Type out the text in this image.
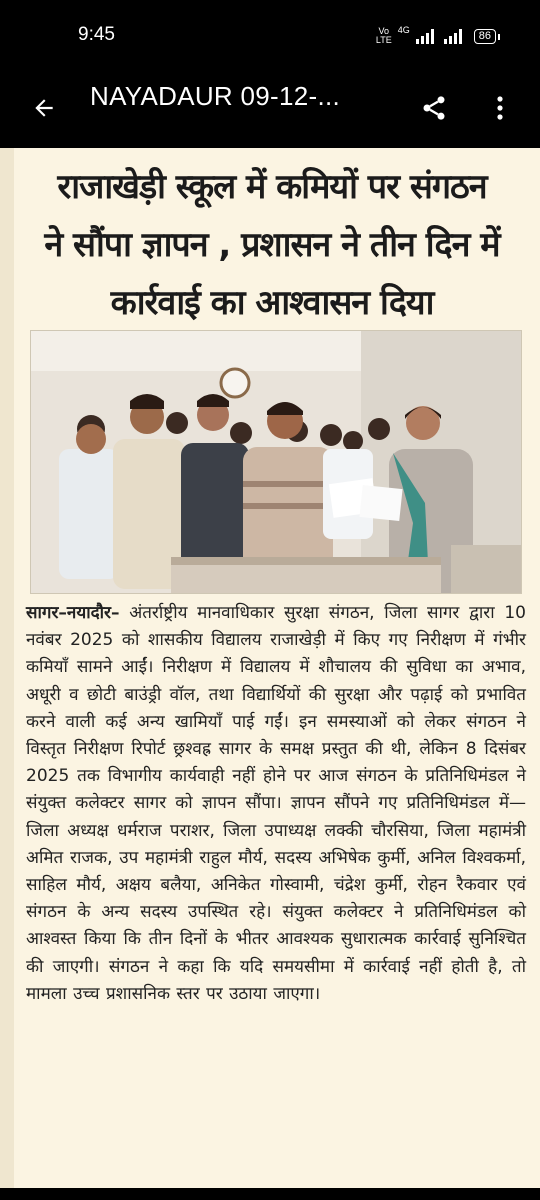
9:45	Vo
LTE
4G	86
NAYADAUR 09-12-...
राजाखेड़ी स्कूल में कमियों पर संगठन
ने सौंपा ज्ञापन , प्रशासन ने तीन दिन में
कार्रवाई का आश्वासन दिया
सागर–नयादौर– अंतर्राष्ट्रीय मानवाधिकार सुरक्षा संगठन, जिला सागर द्वारा 10 नवंबर 2025 को शासकीय विद्यालय राजाखेड़ी में किए गए निरीक्षण में गंभीर कमियाँ सामने आईं। निरीक्षण में विद्यालय में शौचालय की सुविधा का अभाव, अधूरी व छोटी बाउंड्री वॉल, तथा विद्यार्थियों की सुरक्षा और पढ़ाई को प्रभावित करने वाली कई अन्य खामियाँ पाई गईं। इन समस्याओं को लेकर संगठन ने विस्तृत निरीक्षण रिपोर्ट छ्रश्वह्र सागर के समक्ष प्रस्तुत की थी, लेकिन 8 दिसंबर 2025 तक विभागीय कार्यवाही नहीं होने पर आज संगठन के प्रतिनिधिमंडल ने संयुक्त कलेक्टर सागर को ज्ञापन सौंपा। ज्ञापन सौंपने गए प्रतिनिधिमंडल में— जिला अध्यक्ष धर्मराज पराशर, जिला उपाध्यक्ष लक्की चौरसिया, जिला महामंत्री अमित राजक, उप महामंत्री राहुल मौर्य, सदस्य अभिषेक कुर्मी, अनिल विश्वकर्मा, साहिल मौर्य, अक्षय बलैया, अनिकेत गोस्वामी, चंद्रेश कुर्मी, रोहन रैकवार एवं संगठन के अन्य सदस्य उपस्थित रहे। संयुक्त कलेक्टर ने प्रतिनिधिमंडल को आश्वस्त किया कि तीन दिनों के भीतर आवश्यक सुधारात्मक कार्रवाई सुनिश्चित की जाएगी। संगठन ने कहा कि यदि समयसीमा में कार्रवाई नहीं होती है, तो मामला उच्च प्रशासनिक स्तर पर उठाया जाएगा।
